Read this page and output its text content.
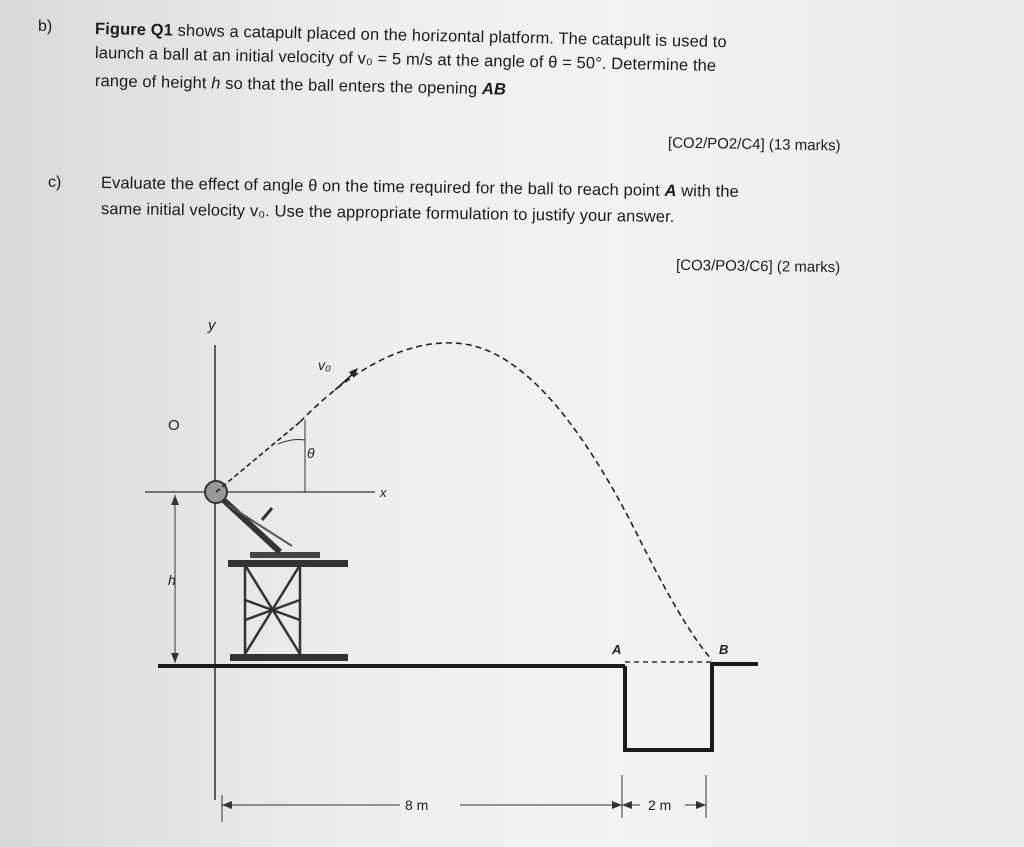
b)	Figure Q1 shows a catapult placed on the horizontal platform. The catapult is used to
launch a ball at an initial velocity of v₀ = 5 m/s at the angle of θ = 50°. Determine the
range of height h so that the ball enters the opening AB
[CO2/PO2/C4] (13 marks)
c) Evaluate the effect of angle θ on the time required for the ball to reach point A with the
same initial velocity v₀. Use the appropriate formulation to justify your answer.
[CO3/PO3/C6] (2 marks)
y
x
O
v₀
θ
h
A	B
8 m	2 m
